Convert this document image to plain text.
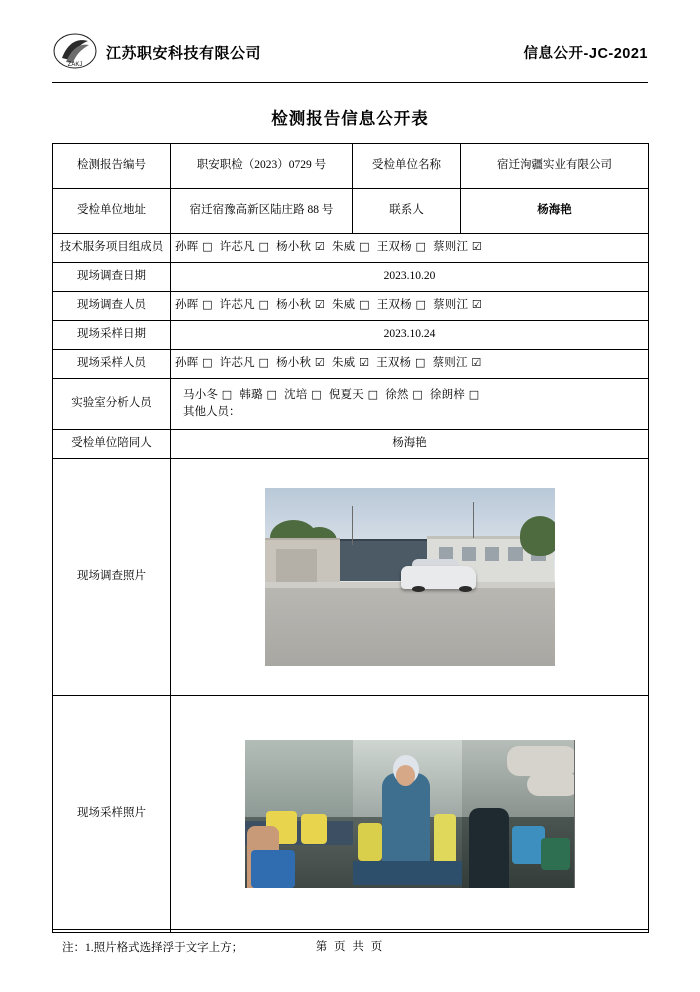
ZAKJ
江苏职安科技有限公司	信息公开-JC-2021
检测报告信息公开表
检测报告编号	职安职检（2023）0729 号	受检单位名称	宿迁洵疆实业有限公司
受检单位地址	宿迁宿豫高新区陆庄路 88 号	联系人	杨海艳
技术服务项目组成员	孙晖 □ 许芯凡 □ 杨小秋 ☑ 朱威 □ 王双杨 □ 蔡则江 ☑		
现场调查日期	2023.10.20		
现场调查人员	孙晖 □ 许芯凡 □ 杨小秋 ☑ 朱威 □ 王双杨 □ 蔡则江 ☑		
现场采样日期	2023.10.24		
现场采样人员	孙晖 □ 许芯凡 □ 杨小秋 ☑ 朱威 ☑ 王双杨 □ 蔡则江 ☑		
实验室分析人员	马小冬 □ 韩璐 □ 沈培 □ 倪夏天 □ 徐然 □ 徐朗梓 □
其他人员：		

受检单位陪同人	杨海艳		
现场调查照片			

现场采样照片			
注：1.照片格式选择浮于文字上方；	第 页 共 页
